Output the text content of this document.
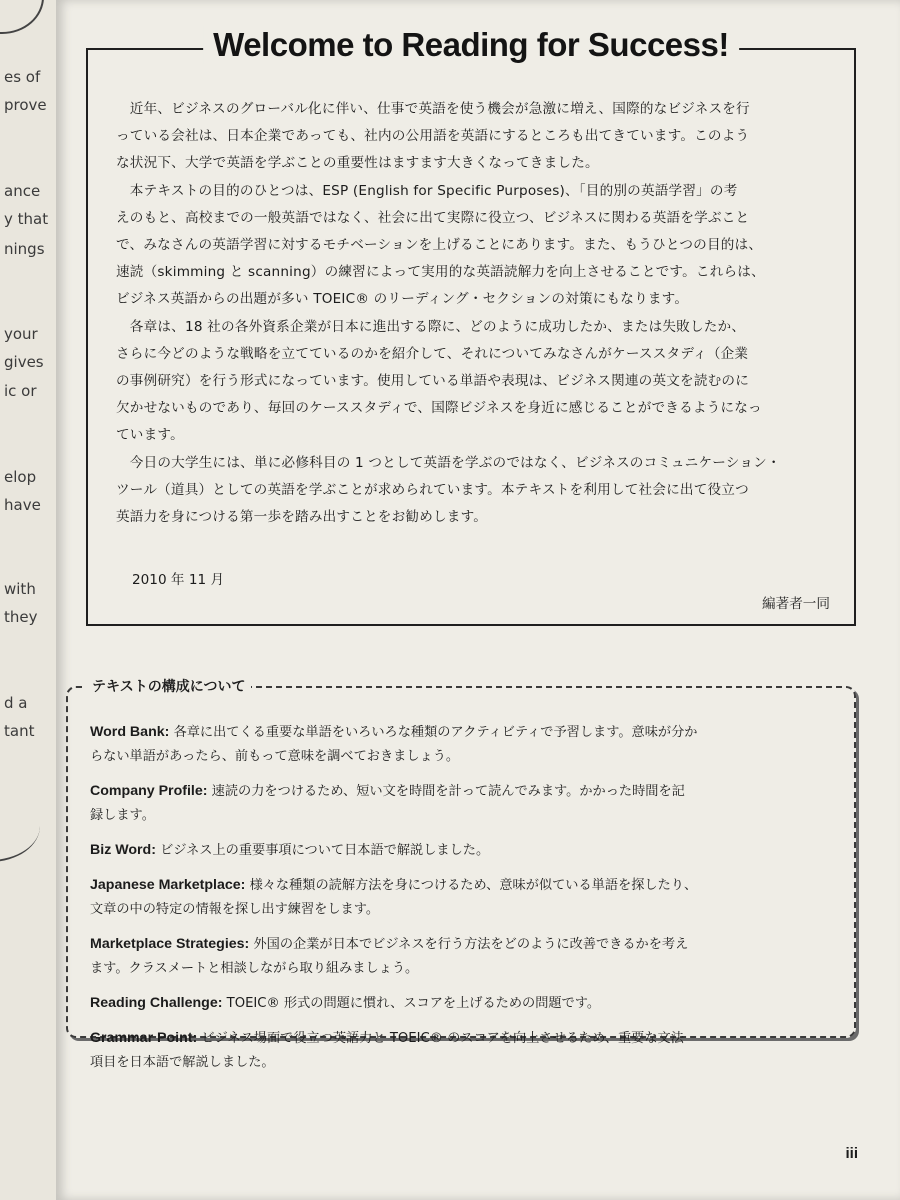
es of
prove
ance
y that
nings
your
gives
ic or
elop
have
with
they
d a
tant
Welcome to Reading for Success!
　近年、ビジネスのグローバル化に伴い、仕事で英語を使う機会が急激に増え、国際的なビジネスを行
っている会社は、日本企業であっても、社内の公用語を英語にするところも出てきています。このよう
な状況下、大学で英語を学ぶことの重要性はますます大きくなってきました。
　本テキストの目的のひとつは、ESP (English for Specific Purposes)、「目的別の英語学習」の考
えのもと、高校までの一般英語ではなく、社会に出て実際に役立つ、ビジネスに関わる英語を学ぶこと
で、みなさんの英語学習に対するモチベーションを上げることにあります。また、もうひとつの目的は、
速読（skimming と scanning）の練習によって実用的な英語読解力を向上させることです。これらは、
ビジネス英語からの出題が多い TOEIC® のリーディング・セクションの対策にもなります。
　各章は、18 社の各外資系企業が日本に進出する際に、どのように成功したか、または失敗したか、
さらに今どのような戦略を立てているのかを紹介して、それについてみなさんがケーススタディ（企業
の事例研究）を行う形式になっています。使用している単語や表現は、ビジネス関連の英文を読むのに
欠かせないものであり、毎回のケーススタディで、国際ビジネスを身近に感じることができるようになっ
ています。
　今日の大学生には、単に必修科目の 1 つとして英語を学ぶのではなく、ビジネスのコミュニケーション・
ツール（道具）としての英語を学ぶことが求められています。本テキストを利用して社会に出て役立つ
英語力を身につける第一歩を踏み出すことをお勧めします。
2010 年 11 月
編著者一同
テキストの構成について
Word Bank: 各章に出てくる重要な単語をいろいろな種類のアクティビティで予習します。意味が分か
らない単語があったら、前もって意味を調べておきましょう。
Company Profile: 速読の力をつけるため、短い文を時間を計って読んでみます。かかった時間を記
録します。
Biz Word: ビジネス上の重要事項について日本語で解説しました。
Japanese Marketplace: 様々な種類の読解方法を身につけるため、意味が似ている単語を探したり、
文章の中の特定の情報を探し出す練習をします。
Marketplace Strategies: 外国の企業が日本でビジネスを行う方法をどのように改善できるかを考え
ます。クラスメートと相談しながら取り組みましょう。
Reading Challenge: TOEIC® 形式の問題に慣れ、スコアを上げるための問題です。
Grammar Point: ビジネス場面で役立つ英語力と TOEIC® のスコアを向上させるため、重要な文法
項目を日本語で解説しました。
iii
